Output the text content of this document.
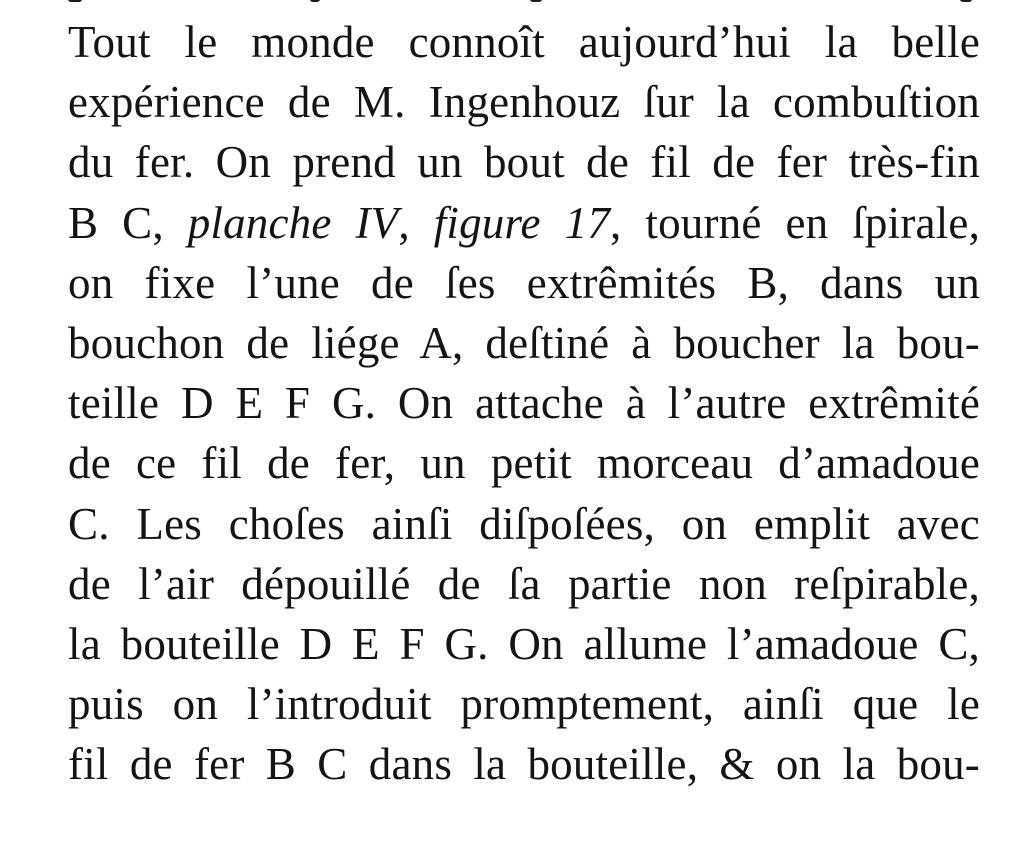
Tout le monde connoît aujourd’hui la belle
expérience de M. Ingenhouz ſur la combuſtion
du fer. On prend un bout de fil de fer très-fin
B C, planche IV, figure 17, tourné en ſpirale,
on fixe l’une de ſes extrêmités B, dans un
bouchon de liége A, deſtiné à boucher la bou-
teille D E F G. On attache à l’autre extrêmité
de ce fil de fer, un petit morceau d’amadoue
C. Les choſes ainſi diſpoſées, on emplit avec
de l’air dépouillé de ſa partie non reſpirable,
la bouteille D E F G. On allume l’amadoue C,
puis on l’introduit promptement, ainſi que le
fil de fer B C dans la bouteille, & on la bou-
